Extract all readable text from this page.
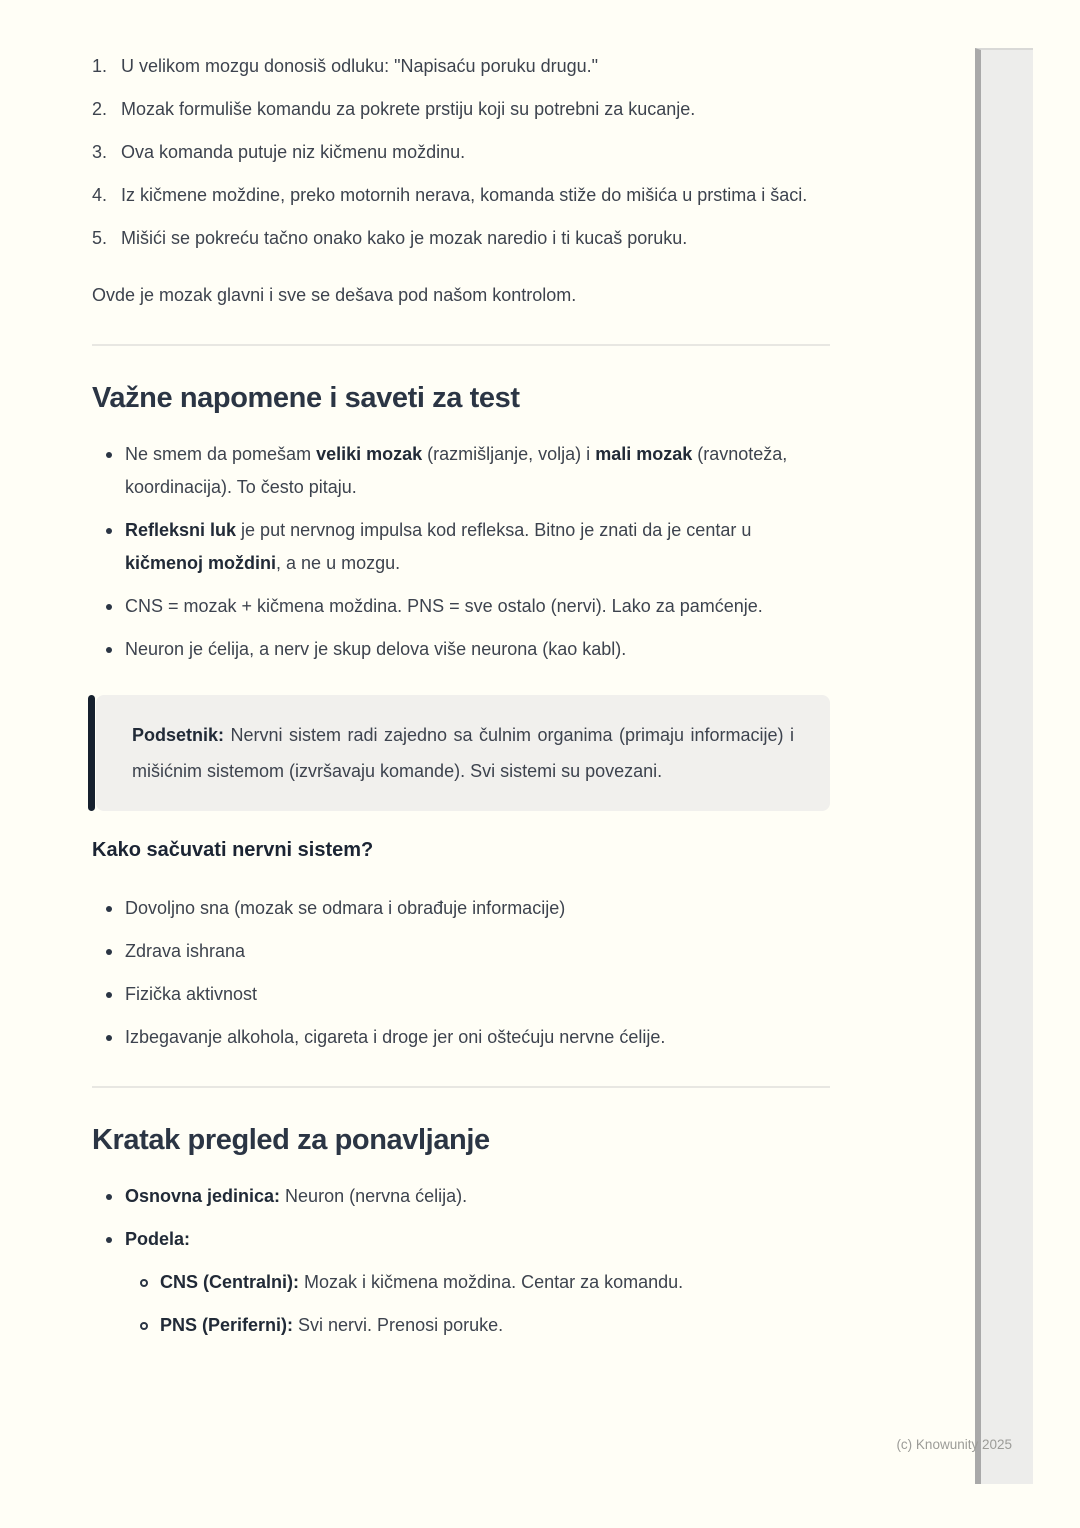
1. U velikom mozgu donosiš odluku: "Napisaću poruku drugu."
2. Mozak formuliše komandu za pokrete prstiju koji su potrebni za kucanje.
3. Ova komanda putuje niz kičmenu moždinu.
4. Iz kičmene moždine, preko motornih nerava, komanda stiže do mišića u prstima i šaci.
5. Mišići se pokreću tačno onako kako je mozak naredio i ti kucaš poruku.

Ovde je mozak glavni i sve se dešava pod našom kontrolom.

Važne napomene i saveti za test
Ne smem da pomešam veliki mozak (razmišljanje, volja) i mali mozak (ravnoteža, koordinacija). To često pitaju.
Refleksni luk je put nervnog impulsa kod refleksa. Bitno je znati da je centar u kičmenoj moždini, a ne u mozgu.
CNS = mozak + kičmena moždina. PNS = sve ostalo (nervi). Lako za pamćenje.
Neuron je ćelija, a nerv je skup delova više neurona (kao kabl).
Podsetnik: Nervni sistem radi zajedno sa čulnim organima (primaju informacije) i mišićnim sistemom (izvršavaju komande). Svi sistemi su povezani.
Kako sačuvati nervni sistem?
Dovoljno sna (mozak se odmara i obrađuje informacije)
Zdrava ishrana
Fizička aktivnost
Izbegavanje alkohola, cigareta i droge jer oni oštećuju nervne ćelije.
Kratak pregled za ponavljanje
Osnovna jedinica: Neuron (nervna ćelija).
Podela:
CNS (Centralni): Mozak i kičmena moždina. Centar za komandu.
PNS (Periferni): Svi nervi. Prenosi poruke.
(c) Knowunity 2025
